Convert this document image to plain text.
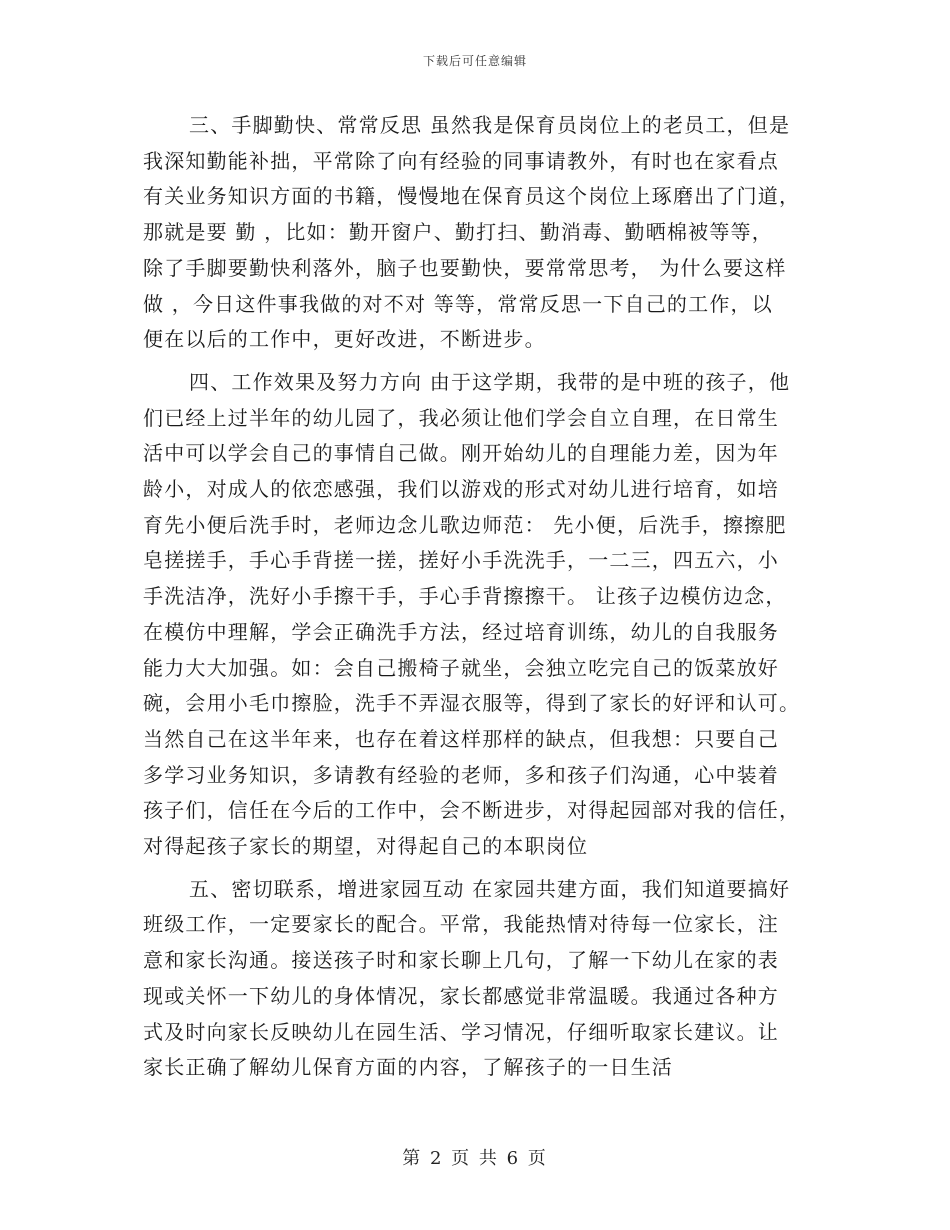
下载后可任意编辑
三、手脚勤快、常常反思 虽然我是保育员岗位上的老员工，但是
我深知勤能补拙，平常除了向有经验的同事请教外，有时也在家看点
有关业务知识方面的书籍，慢慢地在保育员这个岗位上琢磨出了门道，
那就是要 勤 ，比如：勤开窗户、勤打扫、勤消毒、勤晒棉被等等，
除了手脚要勤快利落外，脑子也要勤快，要常常思考， 为什么要这样
做 ，今日这件事我做的对不对 等等，常常反思一下自己的工作，以
便在以后的工作中，更好改进，不断进步。
四、工作效果及努力方向 由于这学期，我带的是中班的孩子，他
们已经上过半年的幼儿园了，我必须让他们学会自立自理，在日常生
活中可以学会自己的事情自己做。刚开始幼儿的自理能力差，因为年
龄小，对成人的依恋感强，我们以游戏的形式对幼儿进行培育，如培
育先小便后洗手时，老师边念儿歌边师范： 先小便，后洗手，擦擦肥
皂搓搓手，手心手背搓一搓，搓好小手洗洗手，一二三，四五六，小
手洗洁净，洗好小手擦干手，手心手背擦擦干。 让孩子边模仿边念，
在模仿中理解，学会正确洗手方法，经过培育训练，幼儿的自我服务
能力大大加强。如：会自己搬椅子就坐，会独立吃完自己的饭菜放好
碗，会用小毛巾擦脸，洗手不弄湿衣服等，得到了家长的好评和认可。
当然自己在这半年来，也存在着这样那样的缺点，但我想：只要自己
多学习业务知识，多请教有经验的老师，多和孩子们沟通，心中装着
孩子们，信任在今后的工作中，会不断进步，对得起园部对我的信任，
对得起孩子家长的期望，对得起自己的本职岗位
五、密切联系，增进家园互动 在家园共建方面，我们知道要搞好
班级工作，一定要家长的配合。平常，我能热情对待每一位家长，注
意和家长沟通。接送孩子时和家长聊上几句，了解一下幼儿在家的表
现或关怀一下幼儿的身体情况，家长都感觉非常温暖。我通过各种方
式及时向家长反映幼儿在园生活、学习情况，仔细听取家长建议。让
家长正确了解幼儿保育方面的内容，了解孩子的一日生活
第 2 页 共 6 页
